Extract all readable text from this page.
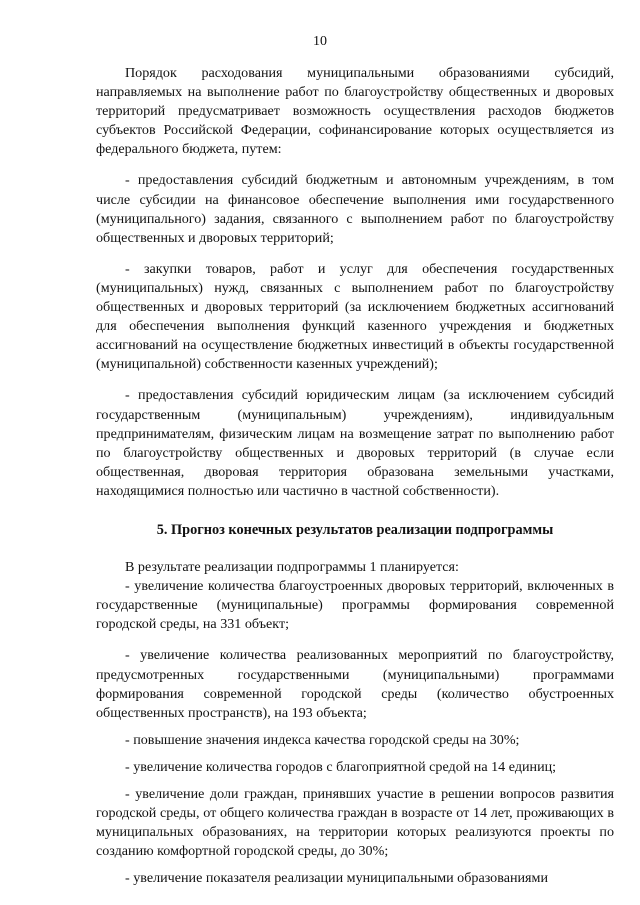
10

Порядок расходования муниципальными образованиями субсидий, направляемых на выполнение работ по благоустройству общественных и дворовых территорий предусматривает возможность осуществления расходов бюджетов субъектов Российской Федерации, софинансирование которых осуществляется из федерального бюджета, путем:

- предоставления субсидий бюджетным и автономным учреждениям, в том числе субсидии на финансовое обеспечение выполнения ими государственного (муниципального) задания, связанного с выполнением работ по благоустройству общественных и дворовых территорий;

- закупки товаров, работ и услуг для обеспечения государственных (муниципальных) нужд, связанных с выполнением работ по благоустройству общественных и дворовых территорий (за исключением бюджетных ассигнований для обеспечения выполнения функций казенного учреждения и бюджетных ассигнований на осуществление бюджетных инвестиций в объекты государственной (муниципальной) собственности казенных учреждений);

- предоставления субсидий юридическим лицам (за исключением субсидий государственным (муниципальным) учреждениям), индивидуальным предпринимателям, физическим лицам на возмещение затрат по выполнению работ по благоустройству общественных и дворовых территорий (в случае если общественная, дворовая территория образована земельными участками, находящимися полностью или частично в частной собственности).

5. Прогноз конечных результатов реализации подпрограммы

В результате реализации подпрограммы 1 планируется:

- увеличение количества благоустроенных дворовых территорий, включенных в государственные (муниципальные) программы формирования современной городской среды, на 331 объект;

- увеличение количества реализованных мероприятий по благоустройству, предусмотренных государственными (муниципальными) программами формирования современной городской среды (количество обустроенных общественных пространств), на 193 объекта;

- повышение значения индекса качества городской среды на 30%;

- увеличение количества городов с благоприятной средой на 14 единиц;

- увеличение доли граждан, принявших участие в решении вопросов развития городской среды, от общего количества граждан в возрасте от 14 лет, проживающих в муниципальных образованиях, на территории которых реализуются проекты по созданию комфортной городской среды, до 30%;

- увеличение показателя реализации муниципальными образованиями
